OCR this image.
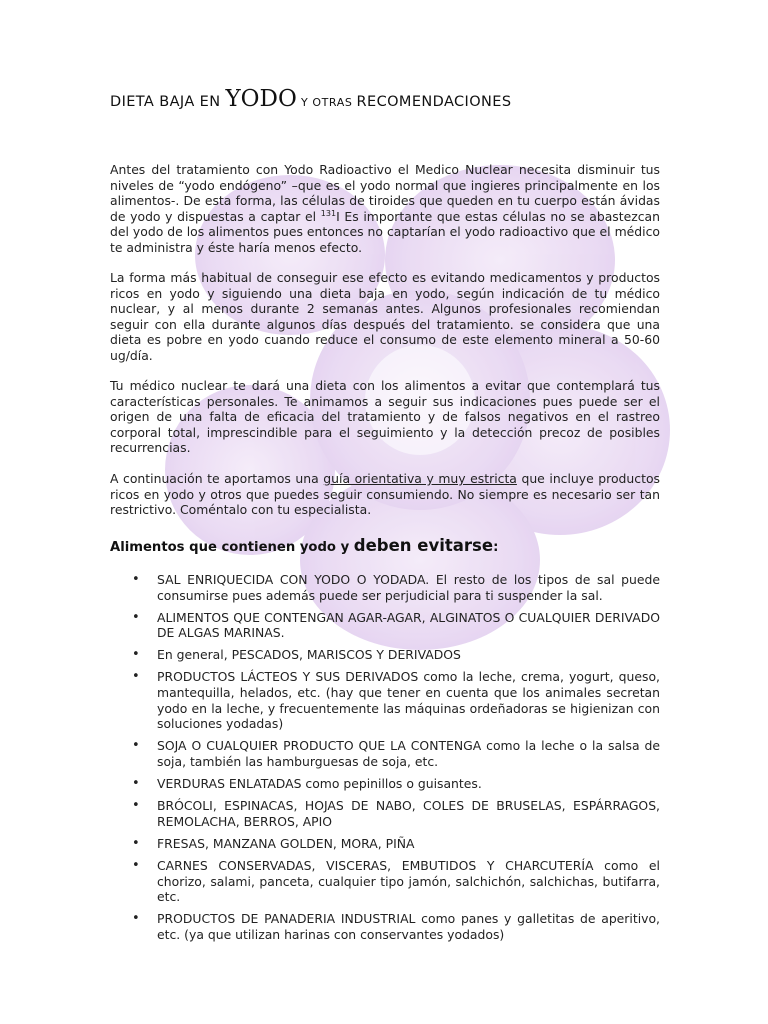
DIETA BAJA EN YODO Y OTRAS RECOMENDACIONES

Antes del tratamiento con Yodo Radioactivo el Medico Nuclear necesita disminuir tus niveles de “yodo endógeno” –que es el yodo normal que ingieres principalmente en los alimentos-. De esta forma, las células de tiroides que queden en tu cuerpo están ávidas de yodo y dispuestas a captar el $^{131}$I Es importante que estas células no se abastezcan del yodo de los alimentos pues entonces no captarían el yodo radioactivo que el médico te administra y éste haría menos efecto.

La forma más habitual de conseguir ese efecto es evitando medicamentos y productos ricos en yodo y siguiendo una dieta baja en yodo, según indicación de tu médico nuclear, y al menos durante 2 semanas antes. Algunos profesionales recomiendan seguir con ella durante algunos días después del tratamiento. se considera que una dieta es pobre en yodo cuando reduce el consumo de este elemento mineral a 50-60 ug/día.

Tu médico nuclear te dará una dieta con los alimentos a evitar que contemplará tus características personales. Te animamos a seguir sus indicaciones pues puede ser el origen de una falta de eficacia del tratamiento y de falsos negativos en el rastreo corporal total, imprescindible para el seguimiento y la detección precoz de posibles recurrencias.

A continuación te aportamos una guía orientativa y muy estricta que incluye productos ricos en yodo y otros que puedes seguir consumiendo. No siempre es necesario ser tan restrictivo. Coméntalo con tu especialista.

Alimentos que contienen yodo y deben evitarse:
• SAL ENRIQUECIDA CON YODO O YODADA. El resto de los tipos de sal puede consumirse pues además puede ser perjudicial para ti suspender la sal.
• ALIMENTOS QUE CONTENGAN AGAR-AGAR, ALGINATOS O CUALQUIER DERIVADO DE ALGAS MARINAS.
• En general, PESCADOS, MARISCOS Y DERIVADOS
• PRODUCTOS LÁCTEOS Y SUS DERIVADOS como la leche, crema, yogurt, queso, mantequilla, helados, etc. (hay que tener en cuenta que los animales secretan yodo en la leche, y frecuentemente las máquinas ordeñadoras se higienizan con soluciones yodadas)
• SOJA O CUALQUIER PRODUCTO QUE LA CONTENGA como la leche o la salsa de soja, también las hamburguesas de soja, etc.
• VERDURAS ENLATADAS como pepinillos o guisantes.
• BRÓCOLI, ESPINACAS, HOJAS DE NABO, COLES DE BRUSELAS, ESPÁRRAGOS, REMOLACHA, BERROS, APIO
• FRESAS, MANZANA GOLDEN, MORA, PIÑA
• CARNES CONSERVADAS, VISCERAS, EMBUTIDOS Y CHARCUTERÍA como el chorizo, salami, panceta, cualquier tipo jamón, salchichón, salchichas, butifarra, etc.
• PRODUCTOS DE PANADERIA INDUSTRIAL como panes y galletitas de aperitivo, etc. (ya que utilizan harinas con conservantes yodados)
